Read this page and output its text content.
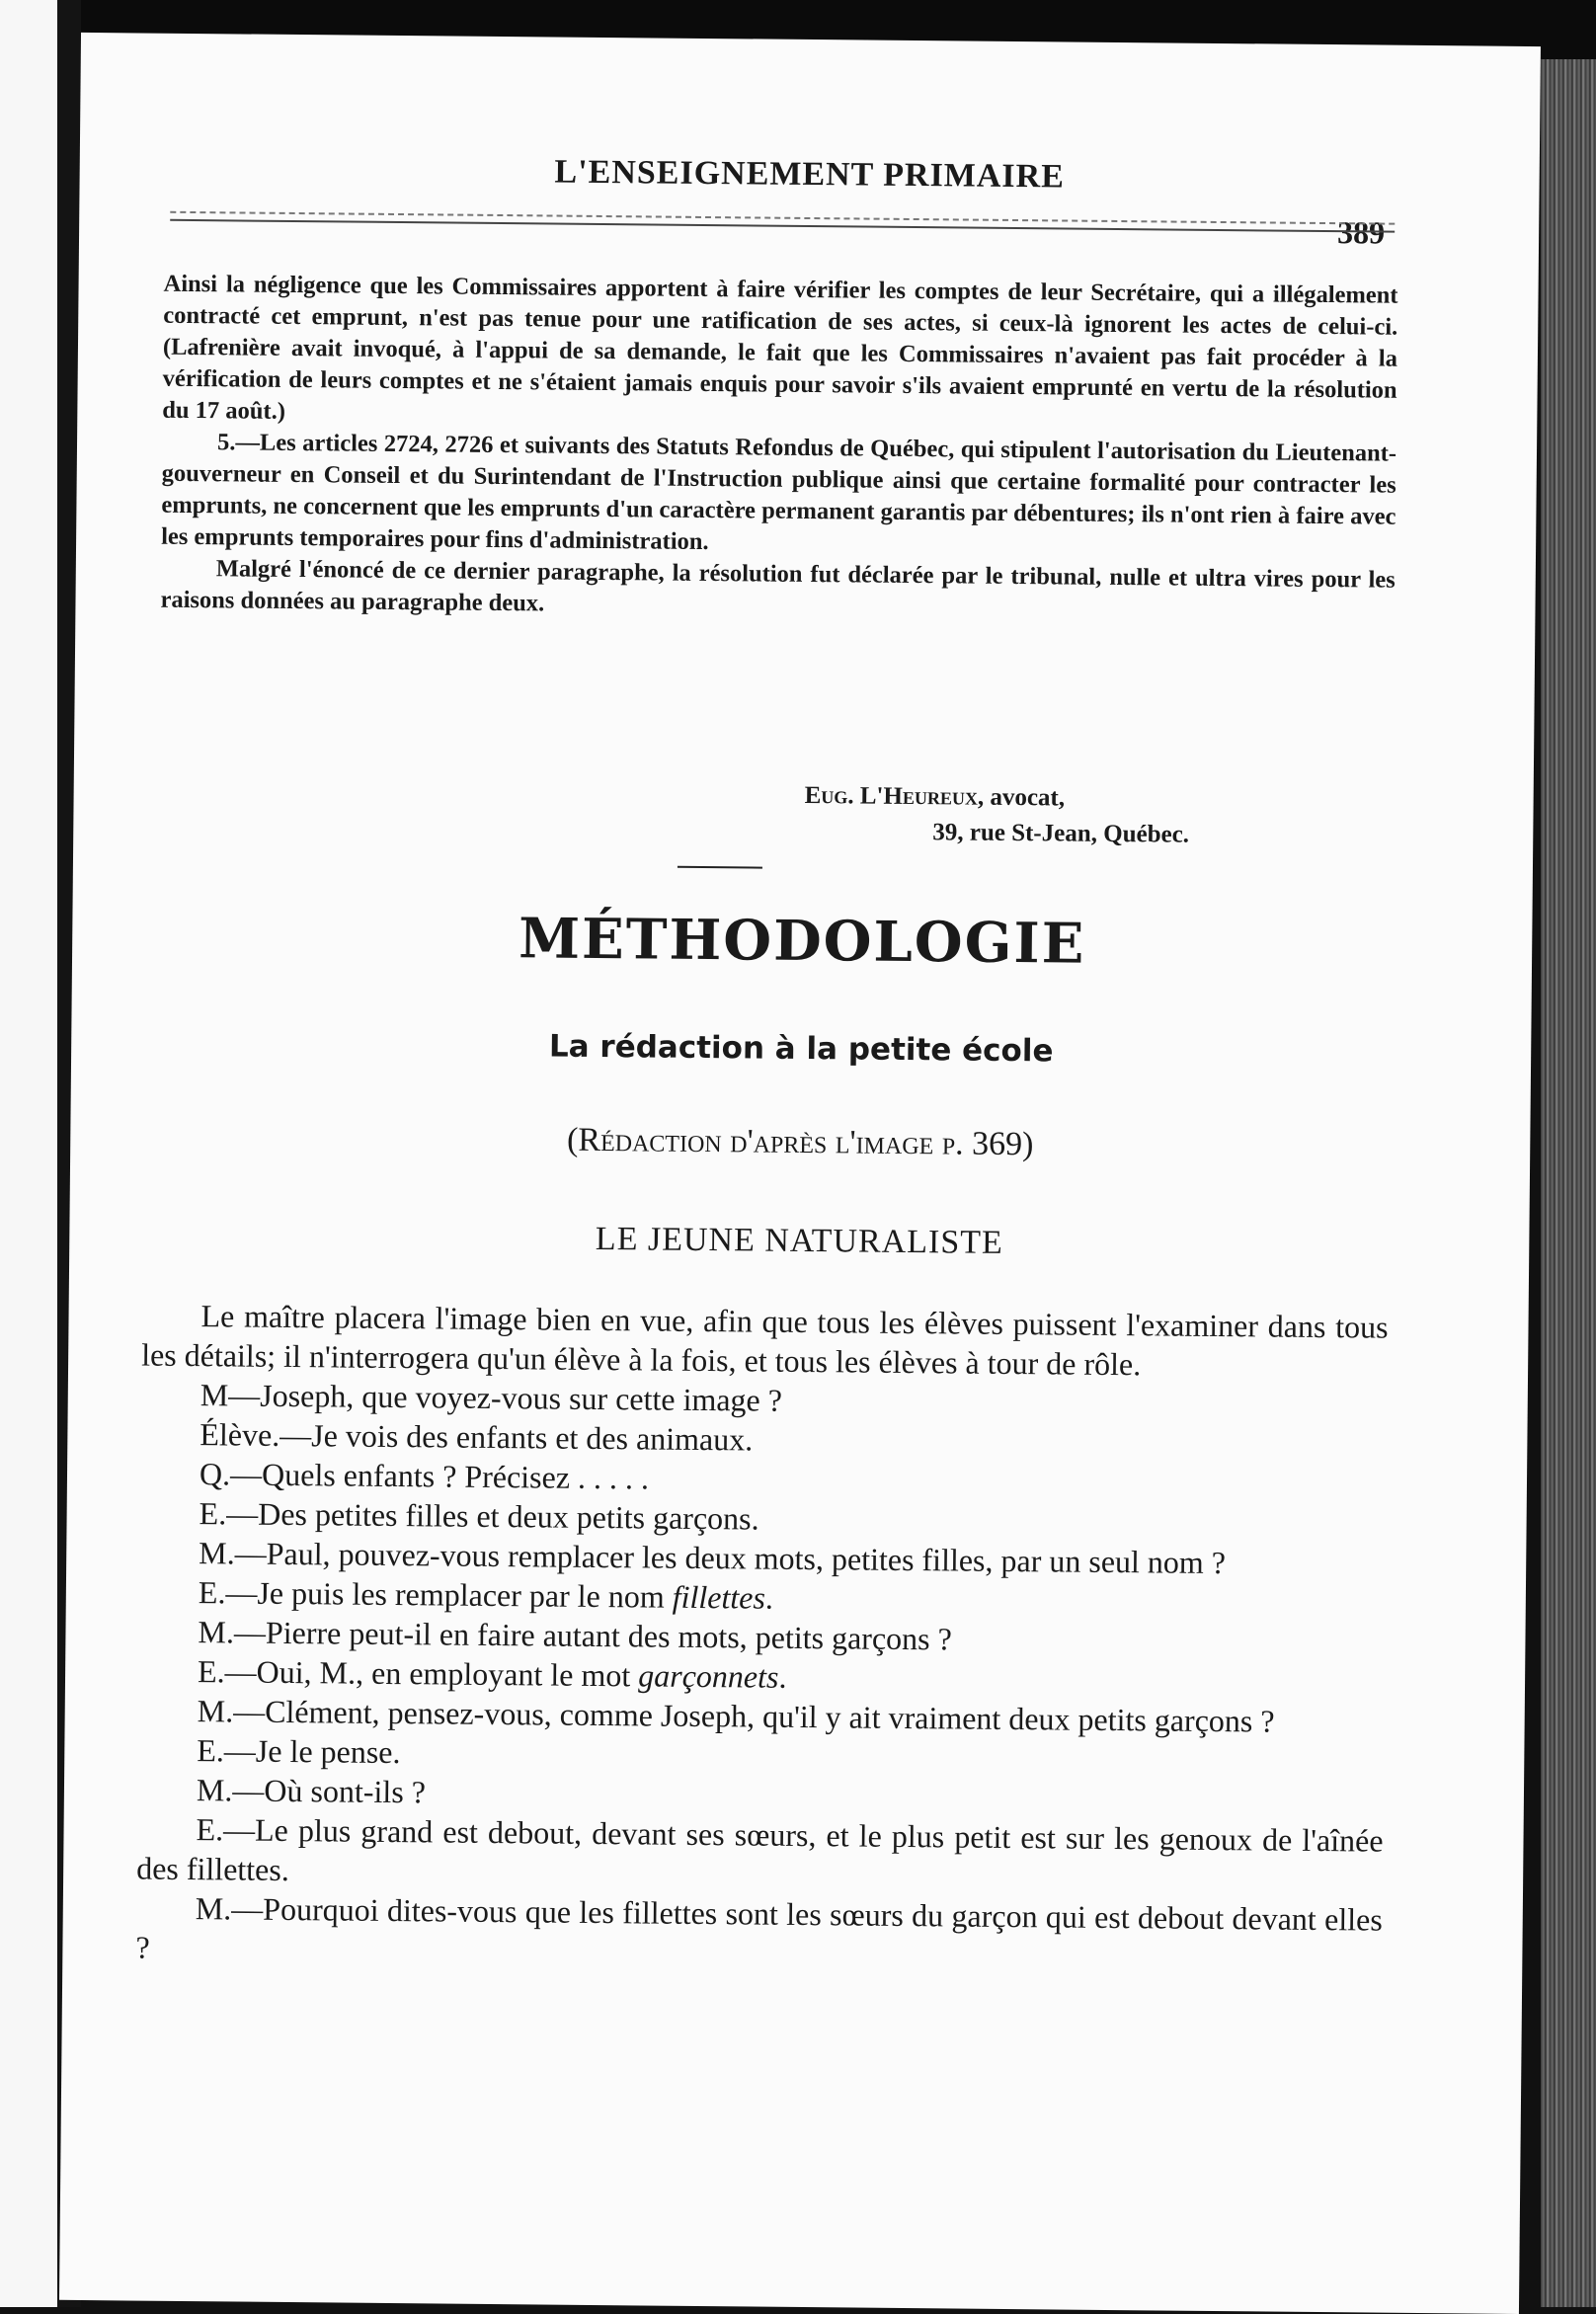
L'ENSEIGNEMENT PRIMAIRE
389

Ainsi la négligence que les Commissaires apportent à faire vérifier les comptes de leur Secrétaire, qui a illégalement contracté cet emprunt, n'est pas tenue pour une ratification de ses actes, si ceux-là ignorent les actes de celui-ci. (Lafrenière avait invoqué, à l'appui de sa demande, le fait que les Commissaires n'avaient pas fait procéder à la vérification de leurs comptes et ne s'étaient jamais enquis pour savoir s'ils avaient emprunté en vertu de la résolution du 17 août.)

5.—Les articles 2724, 2726 et suivants des Statuts Refondus de Québec, qui stipulent l'autorisation du Lieutenant-gouverneur en Conseil et du Surintendant de l'Instruction publique ainsi que certaine formalité pour contracter les emprunts, ne concernent que les emprunts d'un caractère permanent garantis par débentures; ils n'ont rien à faire avec les emprunts temporaires pour fins d'administration.

Malgré l'énoncé de ce dernier paragraphe, la résolution fut déclarée par le tribunal, nulle et ultra vires pour les raisons données au paragraphe deux.

Eug. L'Heureux, avocat,
39, rue St-Jean, Québec.
MÉTHODOLOGIE
La rédaction à la petite école
(Rédaction d'après l'image p. 369)
LE JEUNE NATURALISTE

Le maître placera l'image bien en vue, afin que tous les élèves puissent l'examiner dans tous les détails; il n'interrogera qu'un élève à la fois, et tous les élèves à tour de rôle.

M—Joseph, que voyez-vous sur cette image ?

Élève.—Je vois des enfants et des animaux.

Q.—Quels enfants ? Précisez . . . . .

E.—Des petites filles et deux petits garçons.

M.—Paul, pouvez-vous remplacer les deux mots, petites filles, par un seul nom ?

E.—Je puis les remplacer par le nom fillettes.

M.—Pierre peut-il en faire autant des mots, petits garçons ?

E.—Oui, M., en employant le mot garçonnets.

M.—Clément, pensez-vous, comme Joseph, qu'il y ait vraiment deux petits garçons ?

E.—Je le pense.

M.—Où sont-ils ?

E.—Le plus grand est debout, devant ses sœurs, et le plus petit est sur les genoux de l'aînée des fillettes.

M.—Pourquoi dites-vous que les fillettes sont les sœurs du garçon qui est debout devant elles ?
